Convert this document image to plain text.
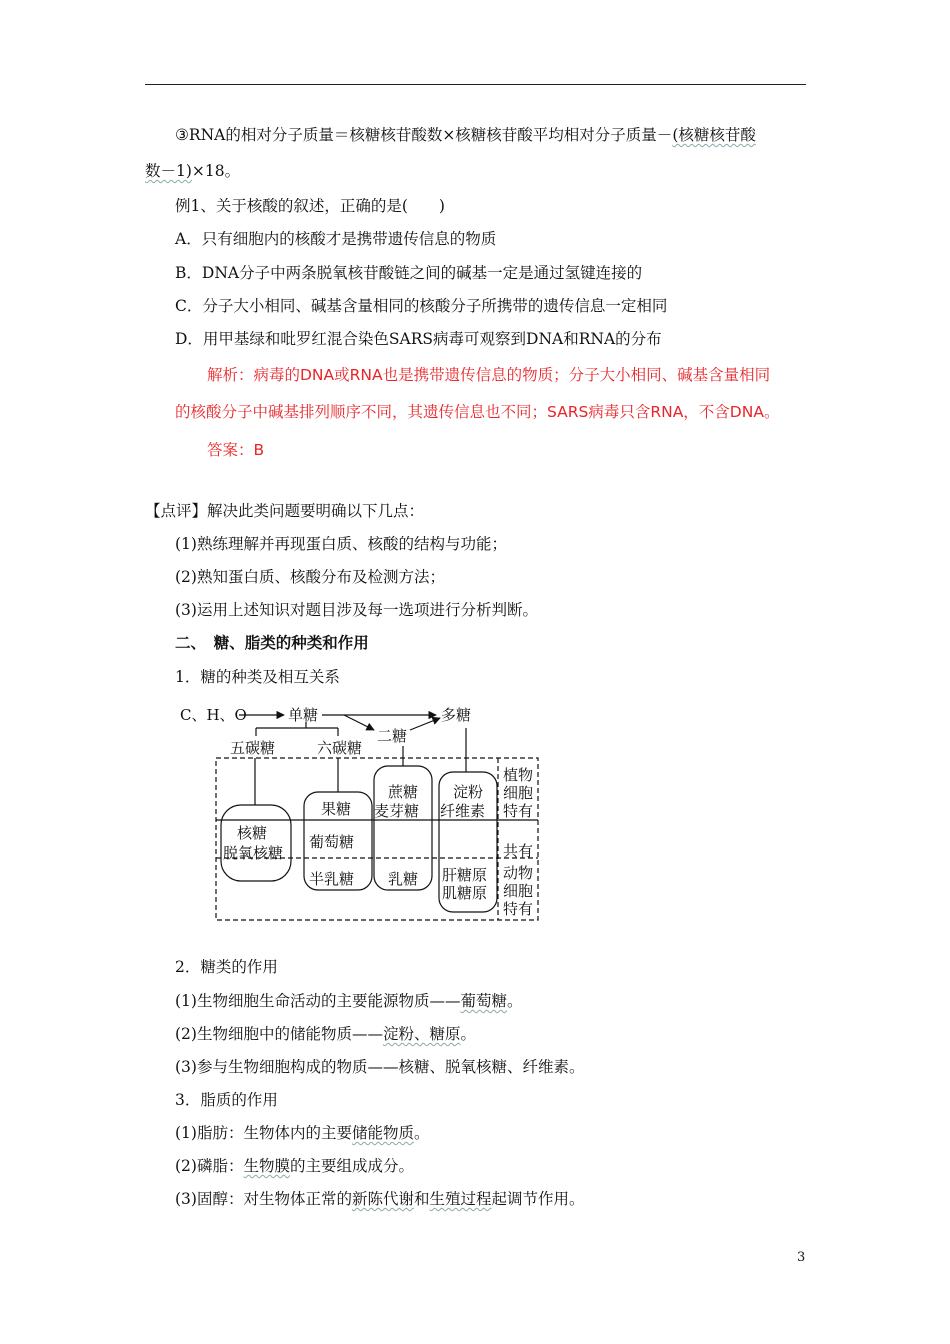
③RNA的相对分子质量＝核糖核苷酸数×核糖核苷酸平均相对分子质量－(核糖核苷酸
数－1)×18。
例1、关于核酸的叙述，正确的是(　　)
A．只有细胞内的核酸才是携带遗传信息的物质
B．DNA分子中两条脱氧核苷酸链之间的碱基一定是通过氢键连接的
C．分子大小相同、碱基含量相同的核酸分子所携带的遗传信息一定相同
D．用甲基绿和吡罗红混合染色SARS病毒可观察到DNA和RNA的分布
解析：病毒的DNA或RNA也是携带遗传信息的物质；分子大小相同、碱基含量相同
的核酸分子中碱基排列顺序不同，其遗传信息也不同；SARS病毒只含RNA，不含DNA。
答案：B
【点评】解决此类问题要明确以下几点：
(1)熟练理解并再现蛋白质、核酸的结构与功能；
(2)熟知蛋白质、核酸分布及检测方法；
(3)运用上述知识对题目涉及每一选项进行分析判断。
二、　糖、脂类的种类和作用
1．糖的种类及相互关系
C、H、O	单糖	多糖
二糖
五碳糖	六碳糖
核糖
脱氧核糖
果糖
葡萄糖
半乳糖
蔗糖
麦芽糖
乳糖
淀粉
纤维素
肝糖原
肌糖原
植物
细胞
特有
共有
动物
细胞
特有
2．糖类的作用
(1)生物细胞生命活动的主要能源物质——葡萄糖。
(2)生物细胞中的储能物质——淀粉、糖原。
(3)参与生物细胞构成的物质——核糖、脱氧核糖、纤维素。
3．脂质的作用
(1)脂肪：生物体内的主要储能物质。
(2)磷脂：生物膜的主要组成成分。
(3)固醇：对生物体正常的新陈代谢和生殖过程起调节作用。
3
